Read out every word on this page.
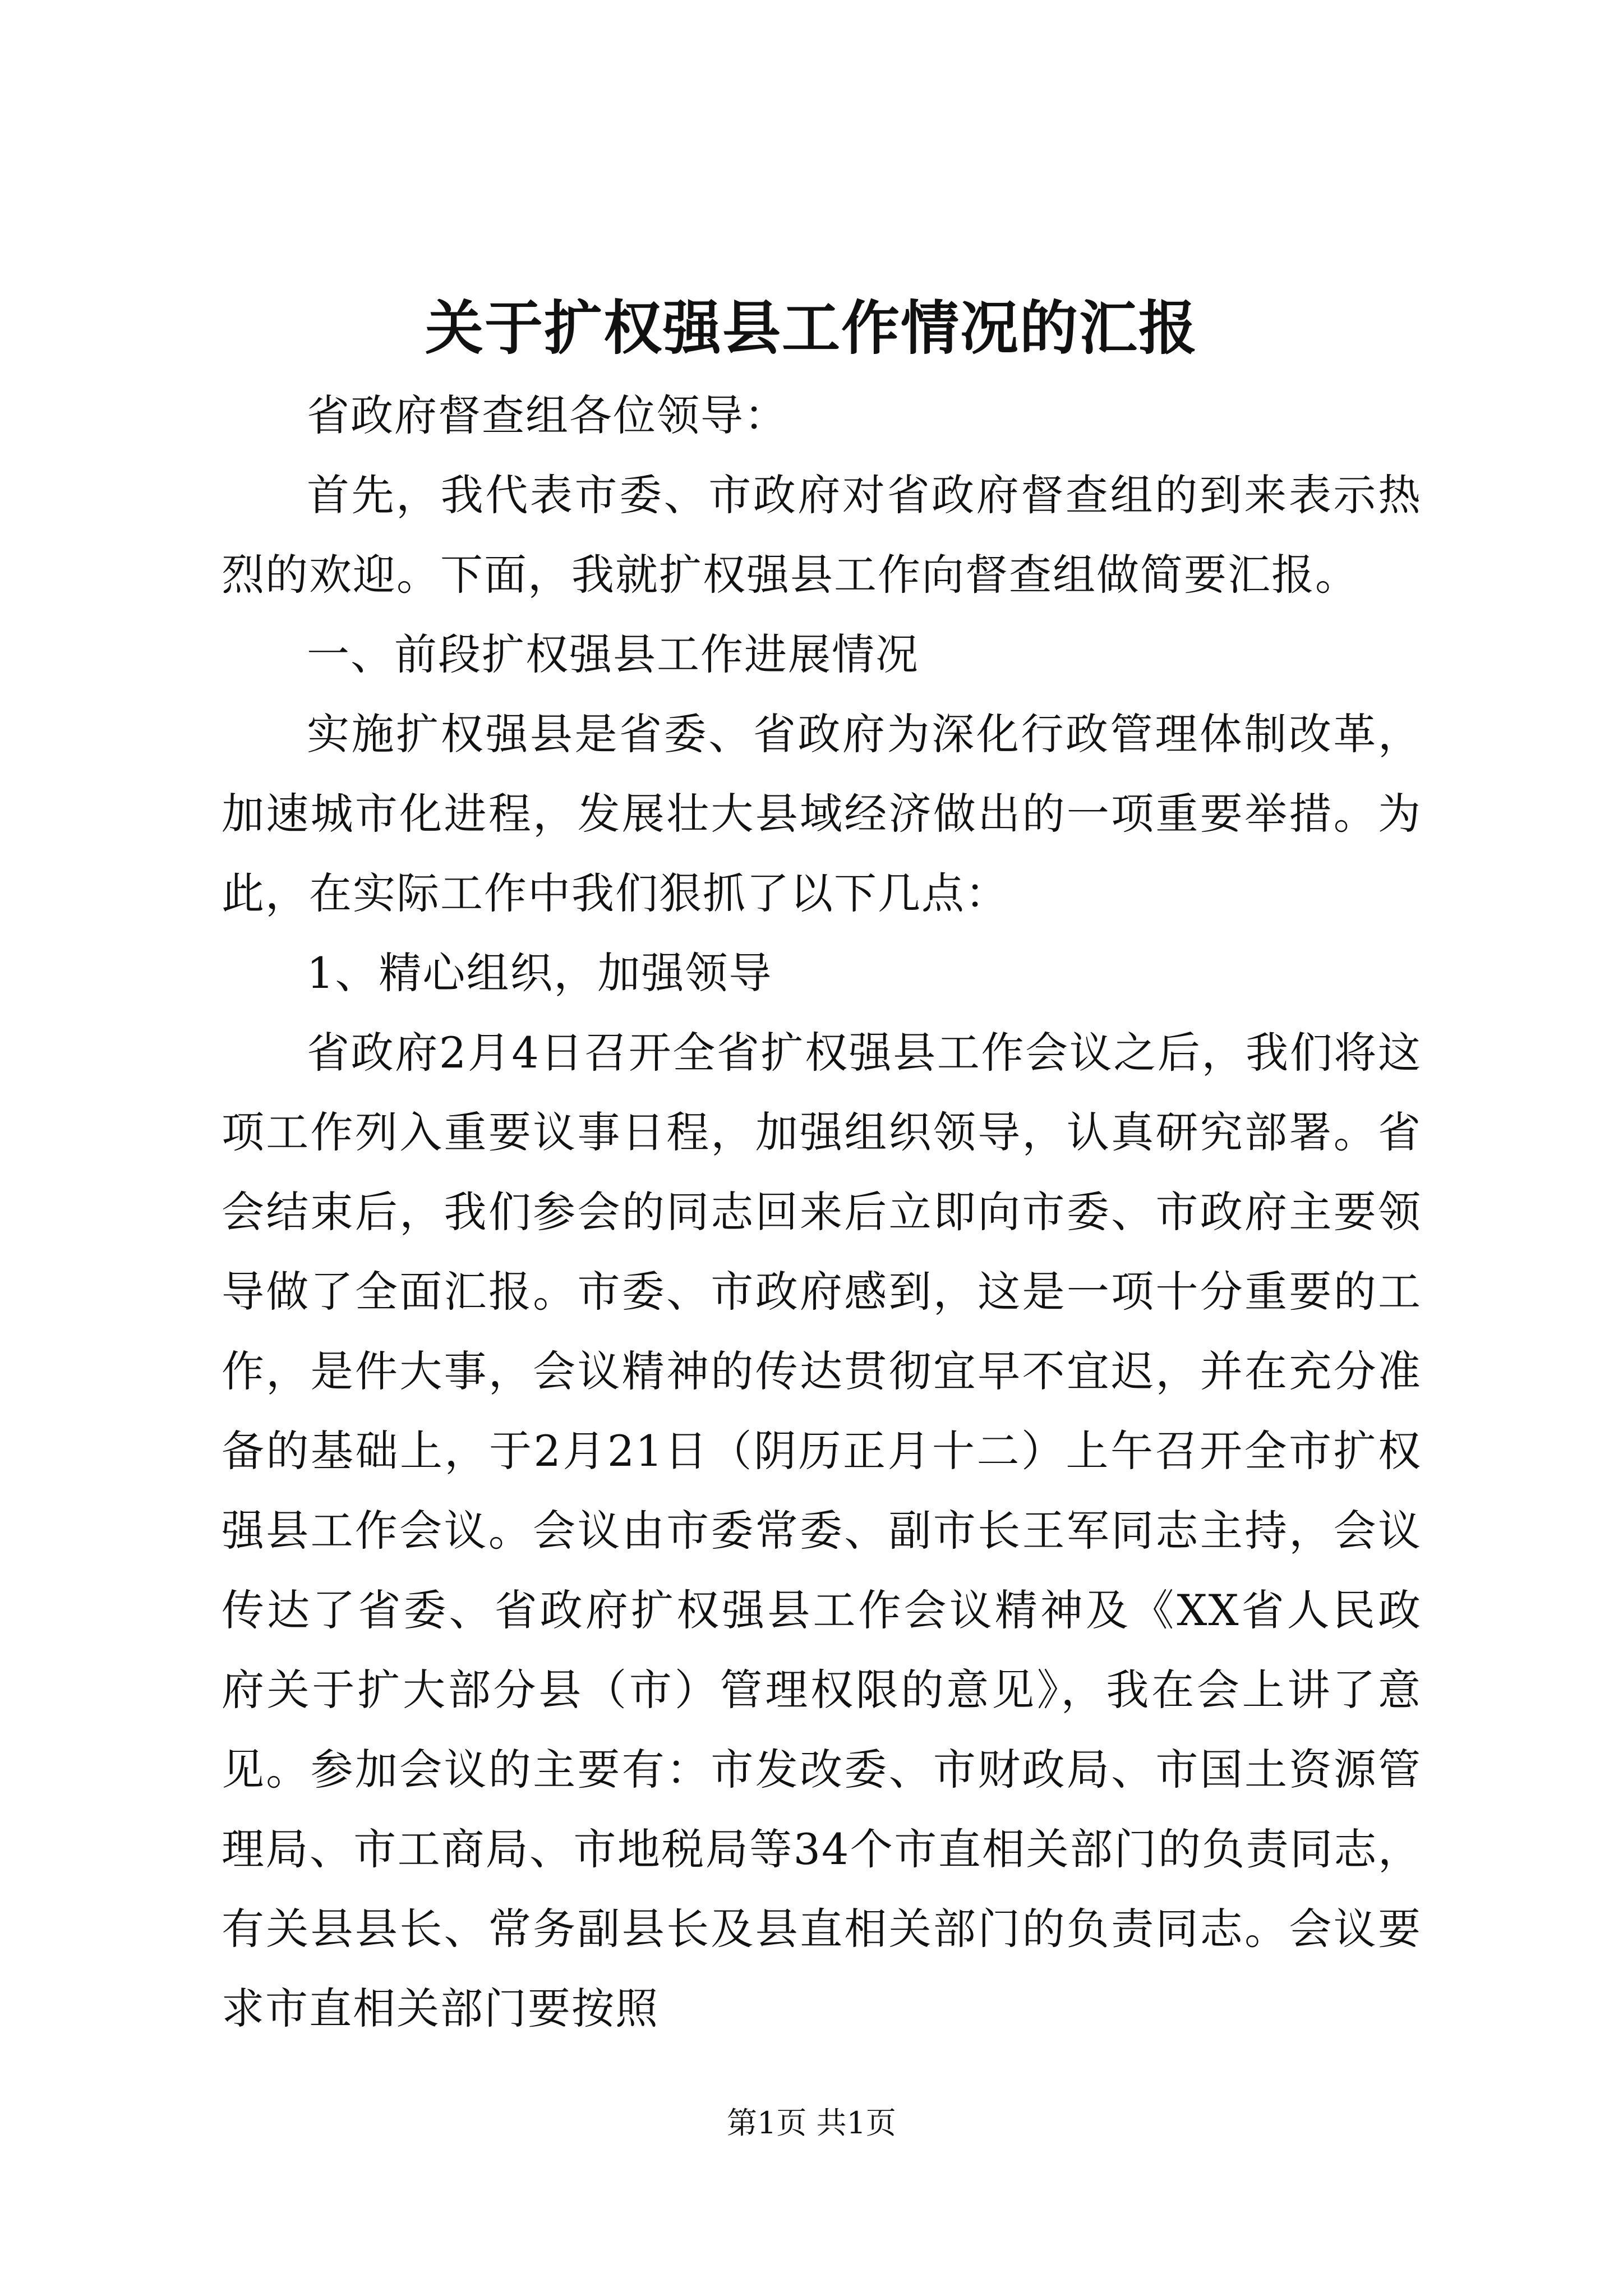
关于扩权强县工作情况的汇报

省政府督查组各位领导：

首先，我代表市委、市政府对省政府督查组的到来表示热烈的欢迎。下面，我就扩权强县工作向督查组做简要汇报。

一、前段扩权强县工作进展情况

实施扩权强县是省委、省政府为深化行政管理体制改革，加速城市化进程，发展壮大县域经济做出的一项重要举措。为此，在实际工作中我们狠抓了以下几点：

1、精心组织，加强领导

省政府2月4日召开全省扩权强县工作会议之后，我们将这项工作列入重要议事日程，加强组织领导，认真研究部署。省会结束后，我们参会的同志回来后立即向市委、市政府主要领导做了全面汇报。市委、市政府感到，这是一项十分重要的工作，是件大事，会议精神的传达贯彻宜早不宜迟，并在充分准备的基础上，于2月21日（阴历正月十二）上午召开全市扩权强县工作会议。会议由市委常委、副市长王军同志主持，会议传达了省委、省政府扩权强县工作会议精神及《XX省人民政府关于扩大部分县（市）管理权限的意见》，我在会上讲了意见。参加会议的主要有：市发改委、市财政局、市国土资源管理局、市工商局、市地税局等34个市直相关部门的负责同志，有关县县长、常务副县长及县直相关部门的负责同志。会议要求市直相关部门要按照

第1页 共1页
